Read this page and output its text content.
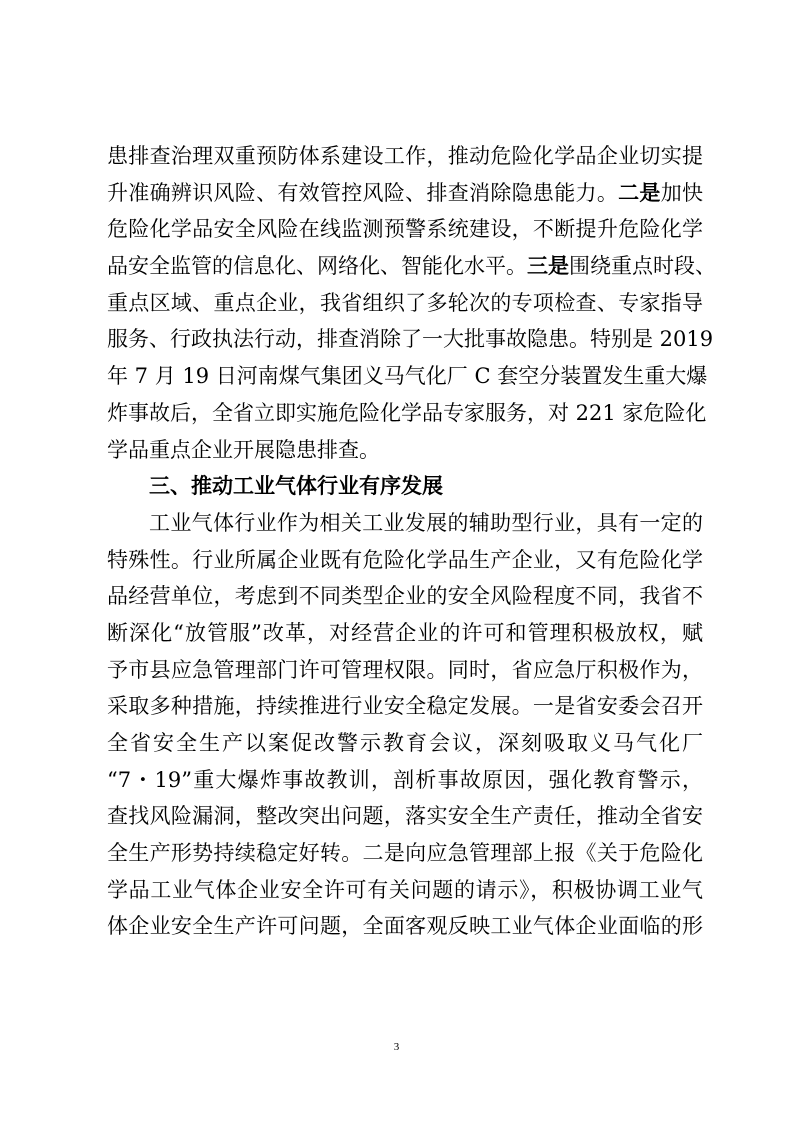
患排查治理双重预防体系建设工作，推动危险化学品企业切实提
升准确辨识风险、有效管控风险、排查消除隐患能力。二是加快
危险化学品安全风险在线监测预警系统建设，不断提升危险化学
品安全监管的信息化、网络化、智能化水平。三是围绕重点时段、
重点区域、重点企业，我省组织了多轮次的专项检查、专家指导
服务、行政执法行动，排查消除了一大批事故隐患。特别是 2019
年 7 月 19 日河南煤气集团义马气化厂 C 套空分装置发生重大爆
炸事故后，全省立即实施危险化学品专家服务，对 221 家危险化
学品重点企业开展隐患排查。
三、推动工业气体行业有序发展
工业气体行业作为相关工业发展的辅助型行业，具有一定的
特殊性。行业所属企业既有危险化学品生产企业，又有危险化学
品经营单位，考虑到不同类型企业的安全风险程度不同，我省不
断深化“放管服”改革，对经营企业的许可和管理积极放权，赋
予市县应急管理部门许可管理权限。同时，省应急厅积极作为，
采取多种措施，持续推进行业安全稳定发展。一是省安委会召开
全省安全生产以案促改警示教育会议，深刻吸取义马气化厂
“7・19”重大爆炸事故教训，剖析事故原因，强化教育警示，
查找风险漏洞，整改突出问题，落实安全生产责任，推动全省安
全生产形势持续稳定好转。二是向应急管理部上报《关于危险化
学品工业气体企业安全许可有关问题的请示》，积极协调工业气
体企业安全生产许可问题，全面客观反映工业气体企业面临的形
3
